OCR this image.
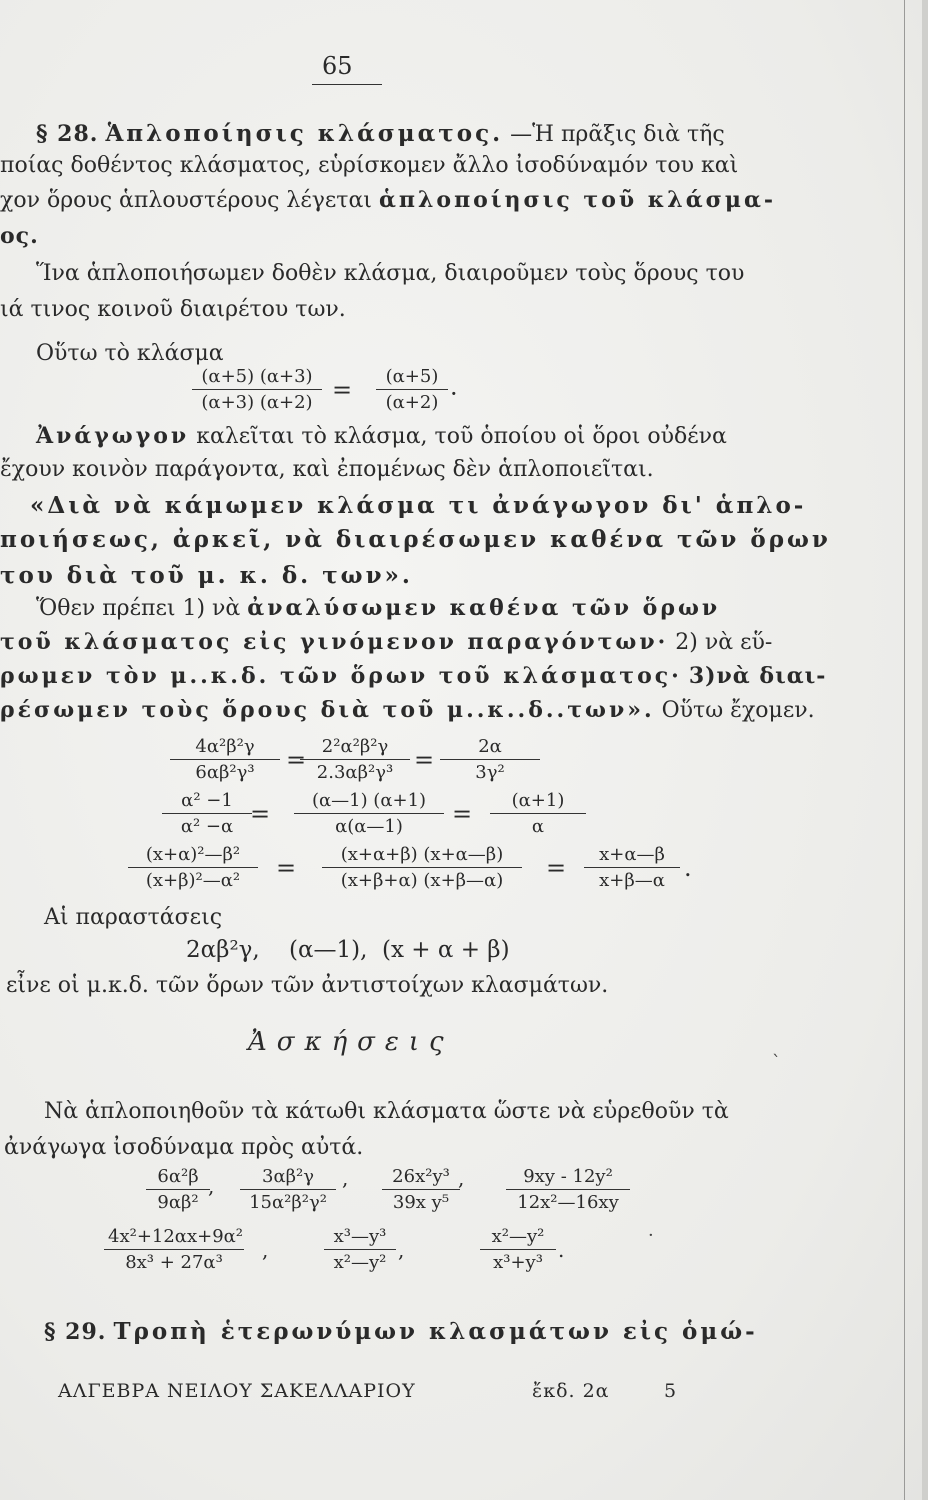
65
§ 28. Ἁπλοποίησις κλάσματος. —Ἡ πρᾶξις διὰ τῆς
ποίας δοθέντος κλάσματος, εὑρίσκομεν ἄλλο ἰσοδύναμόν του καὶ
χον ὅρους ἁπλουστέρους λέγεται ἁπλοποίησις τοῦ κλάσμα-
ος.
Ἵνα ἁπλοποιήσωμεν δοθὲν κλάσμα, διαιροῦμεν τοὺς ὅρους του
ιά τινος κοινοῦ διαιρέτου των.
Οὕτω τὸ κλάσμα
$\frac{(\alpha+5) (\alpha+3)}{(\alpha+3) (\alpha+2)} = \frac{(\alpha+5)}{(\alpha+2)}$ ·
Ἀνάγωγον καλεῖται τὸ κλάσμα, τοῦ ὁποίου οἱ ὅροι οὐδένα
ἔχουν κοινὸν παράγοντα, καὶ ἐπομένως δὲν ἁπλοποιεῖται.
«Διὰ νὰ κάμωμεν κλάσμα τι ἀνάγωγον δι' ἁπλο-
ποιήσεως, ἀρκεῖ, νὰ διαιρέσωμεν καθένα τῶν ὅρων
του διὰ τοῦ μ. κ. δ. των».
Ὅθεν πρέπει 1) νὰ ἀναλύσωμεν καθένα τῶν ὅρων
τοῦ κλάσματος εἰς γινόμενον παραγόντων· 2) νὰ εὕ-
ρωμεν τὸν μ..κ.δ. τῶν ὅρων τοῦ κλάσματος· 3)νὰ διαι-
ρέσωμεν τοὺς ὅρους διὰ τοῦ μ..κ..δ..των». Οὕτω ἔχομεν.
$\frac{\text{4α²β²γ}}{\text{6αβ²γ³}}$ =
$\frac{\text{2²α²β²γ}}{\text{2.3αβ²γ³}} = \frac{2\alpha}{\text{3γ²}}$
$\frac{\text{α² −1}}{\text{α² −α}}$
= $\frac{(\alpha—1) (\alpha+1)}{\alpha(\alpha—1)} = \frac{(\alpha+1)}{\alpha}$
$\frac{\text{(x+α)²—β²}}{\text{(x+β)²—α²}} = \frac{(x+\alpha+\beta) (x+\alpha—\beta)}{(x+\beta+\alpha) (x+\beta—\alpha)} = \frac{x+\alpha—\beta}{x+\beta—\alpha}$ .
Αἱ παραστάσεις
2αβ²γ,    (α—1),  (x + α + β)
εἶνε οἱ μ.κ.δ. τῶν ὅρων τῶν ἀντιστοίχων κλασμάτων.
Ἀσκήσεις
Νὰ ἁπλοποιηθοῦν τὰ κάτωθι κλάσματα ὥστε νὰ εὑρεθοῦν τὰ
ἀνάγωγα ἰσοδύναμα πρὸς αὐτά.
$\frac{\text{6α²β}}{\text{9αβ²}}$
, $\frac{\text{3αβ²γ}}{\text{15α²β²γ²}}$ , $\frac{\text{26x²y³}}{\text{39x y⁵}}$
, $\frac{\text{9xy - 12y²}}{\text{12x²—16xy}}$
$\frac{\text{4x²+12αx+9α²}}{\text{8x³ + 27α³}}$ ,	$\frac{\text{x³—y³}}{\text{x²—y²}}$ ,	$\frac{\text{x²—y²}}{\text{x³+y³}}$ .
§ 29. Τροπὴ ἑτερωνύμων κλασμάτων εἰς ὁμώ-
ΑΛΓΕΒΡΑ ΝΕΙΛΟΥ ΣΑΚΕΛΛΑΡΙΟΥ	ἔκδ. 2α	5
ˋ
·
